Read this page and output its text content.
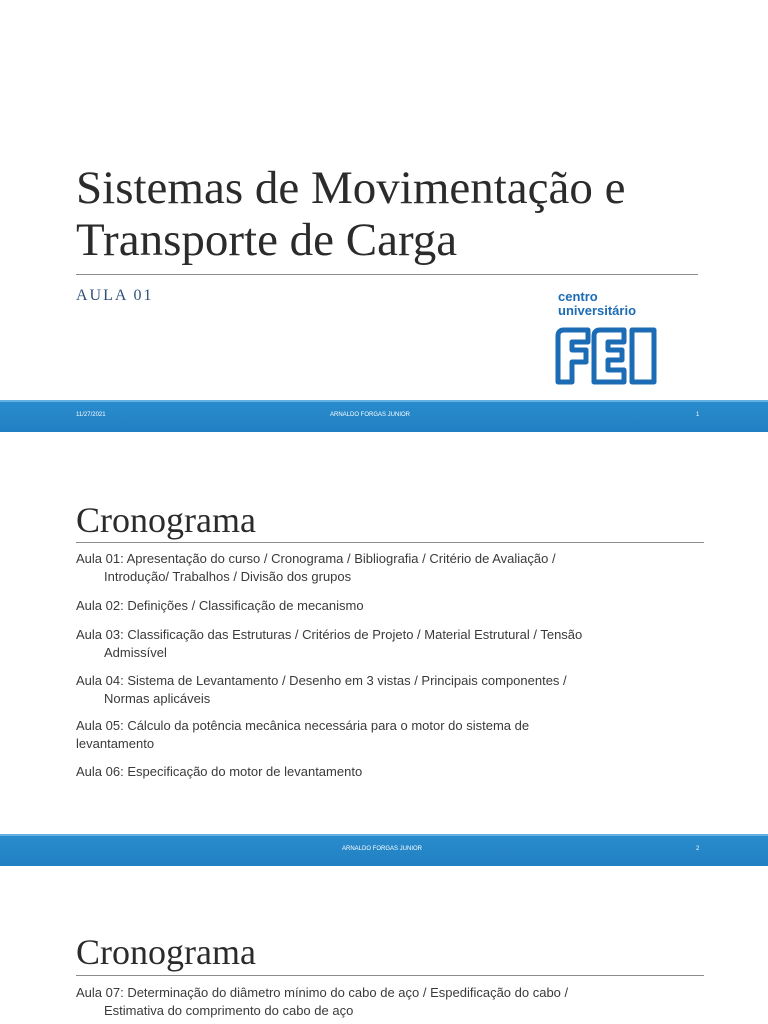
Sistemas de Movimentação e
Transporte de Carga
AULA 01	centro
universitário
11/27/2021	ARNALDO FORGAS JUNIOR	1
Cronograma
Aula 01: Apresentação do curso / Cronograma / Bibliografia / Critério de Avaliação /
Introdução/ Trabalhos / Divisão dos grupos
Aula 02: Definições / Classificação de mecanismo
Aula 03: Classificação das Estruturas / Critérios de Projeto / Material Estrutural / Tensão
Admissível
Aula 04: Sistema de Levantamento / Desenho em 3 vistas / Principais componentes /
Normas aplicáveis
Aula 05: Cálculo da potência mecânica necessária para o motor do sistema de
levantamento
Aula 06: Especificação do motor de levantamento
ARNALDO FORGAS JUNIOR	2
Cronograma
Aula 07: Determinação do diâmetro mínimo do cabo de aço / Espedificação do cabo /
Estimativa do comprimento do cabo de aço
